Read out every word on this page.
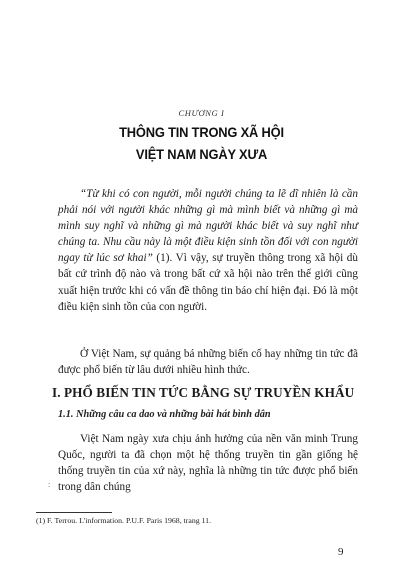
CHƯƠNG I
THÔNG TIN TRONG XÃ HỘI
VIỆT NAM NGÀY XƯA

“Từ khi có con người, mỗi người chúng ta lẽ dĩ nhiên là cần phải nói với người khác những gì mà mình biết và những gì mà mình suy nghĩ và những gì mà người khác biết và suy nghĩ như chúng ta. Nhu cầu này là một điều kiện sinh tồn đối với con người ngay từ lúc sơ khai” (1). Vì vậy, sự truyền thông trong xã hội dù bất cứ trình độ nào và trong bất cứ xã hội nào trên thế giới cũng xuất hiện trước khi có vấn đề thông tin báo chí hiện đại. Đó là một điều kiện sinh tồn của con người.

Ở Việt Nam, sự quảng bá những biến cố hay những tin tức đã được phổ biến từ lâu dưới nhiều hình thức.

I. PHỔ BIẾN TIN TỨC BẰNG SỰ TRUYỀN KHẨU
1.1. Những câu ca dao và những bài hát bình dân

Việt Nam ngày xưa chịu ảnh hưởng của nền văn minh Trung Quốc, người ta đã chọn một hệ thống truyền tin gần giống hệ thống truyền tin của xứ này, nghĩa là những tin tức được phổ biến trong dân chúng

:

(1) F. Terrou. L'information. P.U.F. Paris 1968, trang 11.

9
